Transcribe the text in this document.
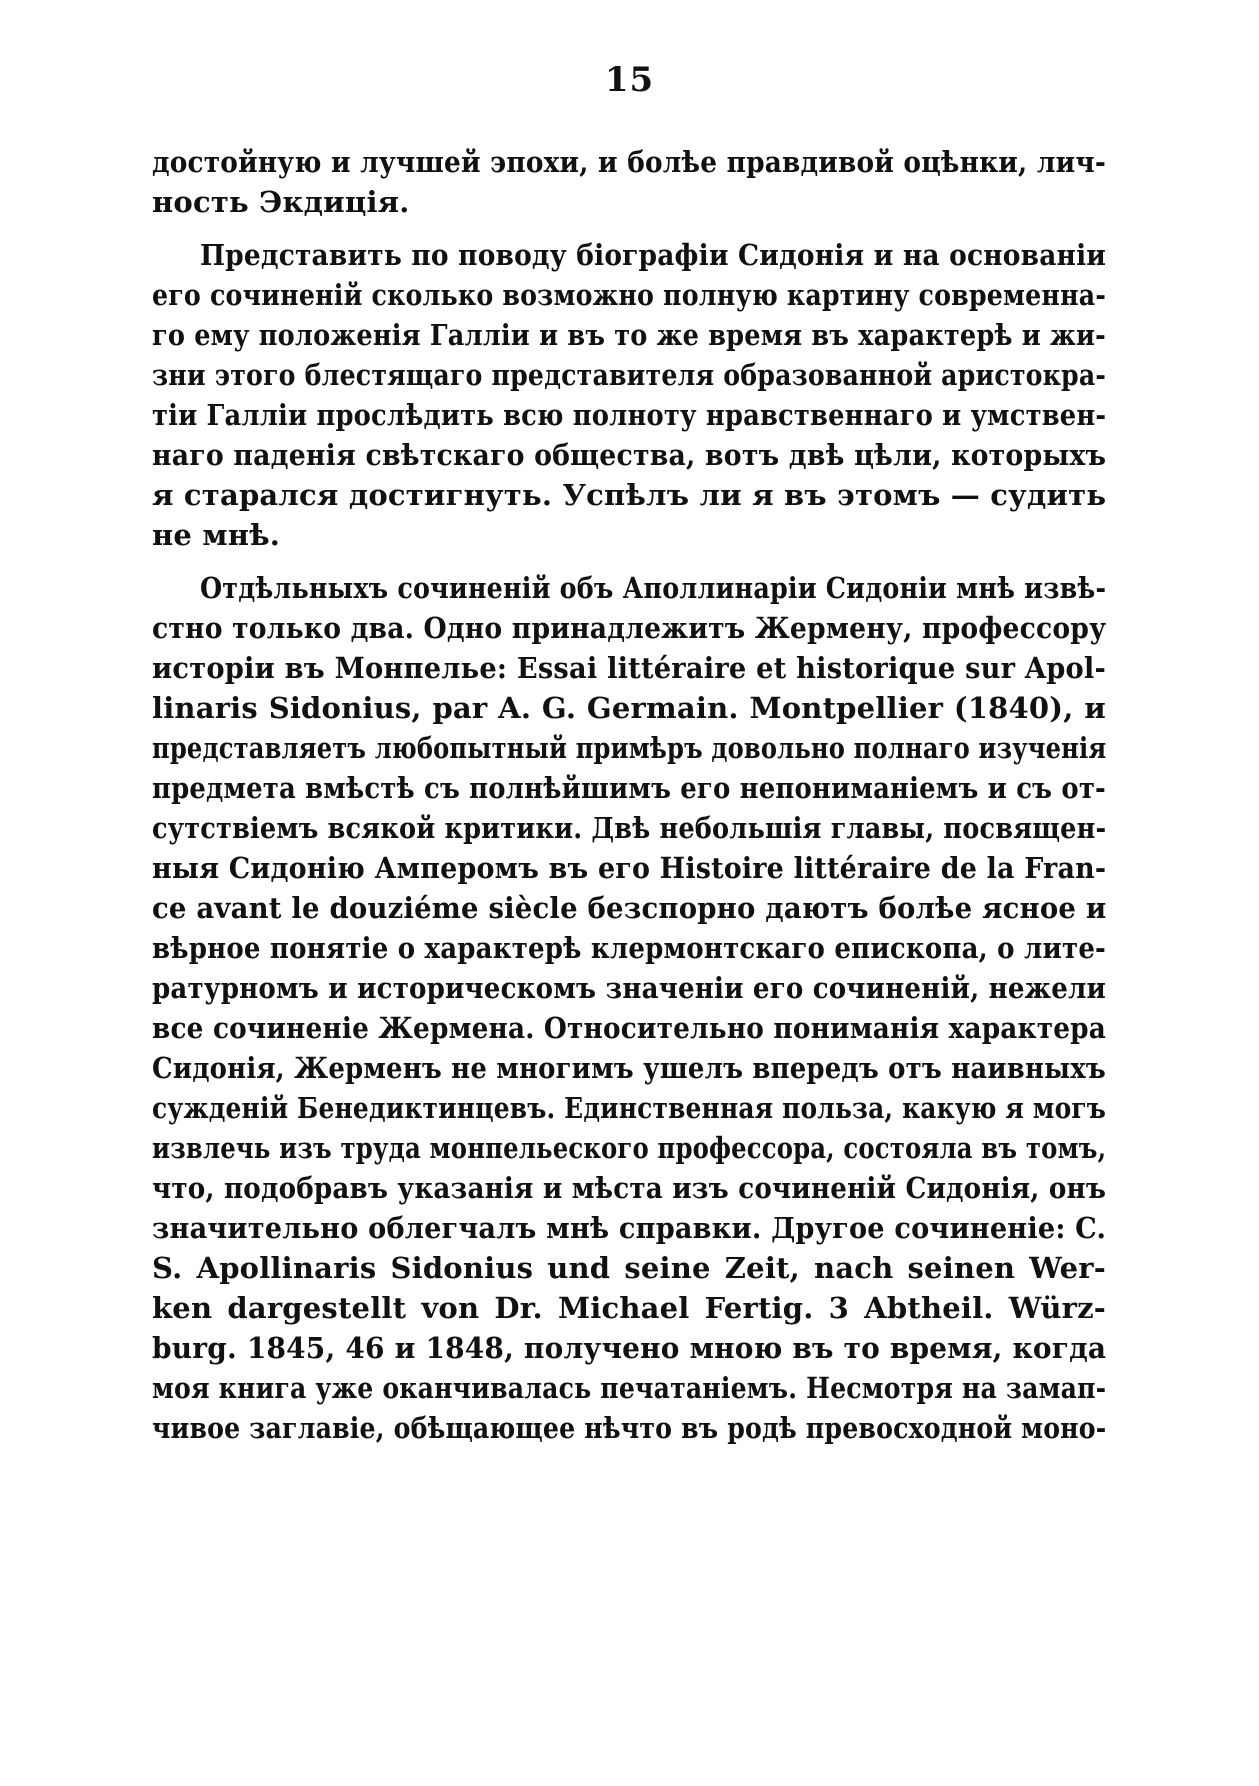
15
достойную и лучшей эпохи, и болѣе правдивой оцѣнки, лич-
ность Экдиція.
Представить по поводу біографіи Сидонія и на основаніи
его сочиненій сколько возможно полную картину современна-
го ему положенія Галліи и въ то же время въ характерѣ и жи-
зни этого блестящаго представителя образованной аристокра-
тіи Галліи прослѣдить всю полноту нравственнаго и умствен-
наго паденія свѣтскаго общества, вотъ двѣ цѣли, которыхъ
я старался достигнуть. Успѣлъ ли я въ этомъ — судить
не мнѣ.
Отдѣльныхъ сочиненій объ Аполлинаріи Сидоніи мнѣ извѣ-
стно только два. Одно принадлежитъ Жермену, профессору
исторіи въ Монпелье: Essai littéraire et historique sur Apol-
linaris Sidonius, par A. G. Germain. Montpellier (1840), и
представляетъ любопытный примѣръ довольно полнаго изученія
предмета вмѣстѣ съ полнѣйшимъ его непониманіемъ и съ от-
сутствіемъ всякой критики. Двѣ небольшія главы, посвящен-
ныя Сидонію Амперомъ въ его Histoire littéraire de la Fran-
ce avant le douziéme siècle безспорно даютъ болѣе ясное и
вѣрное понятіе о характерѣ клермонтскаго епископа, о лите-
ратурномъ и историческомъ значеніи его сочиненій, нежели
все сочиненіе Жермена. Относительно пониманія характера
Сидонія, Жерменъ не многимъ ушелъ впередъ отъ наивныхъ
сужденій Бенедиктинцевъ. Единственная польза, какую я могъ
извлечь изъ труда монпельеского профессора, состояла въ томъ,
что, подобравъ указанія и мѣста изъ сочиненій Сидонія, онъ
значительно облегчалъ мнѣ справки. Другое сочиненіе: C.
S. Apollinaris Sidonius und seine Zeit, nach seinen Wer-
ken dargestellt von Dr. Michael Fertig. 3 Abtheil. Würz-
burg. 1845, 46 и 1848, получено мною въ то время, когда
моя книга уже оканчивалась печатаніемъ. Несмотря на замап-
чивое заглавіе, обѣщающее нѣчто въ родѣ превосходной моно-
